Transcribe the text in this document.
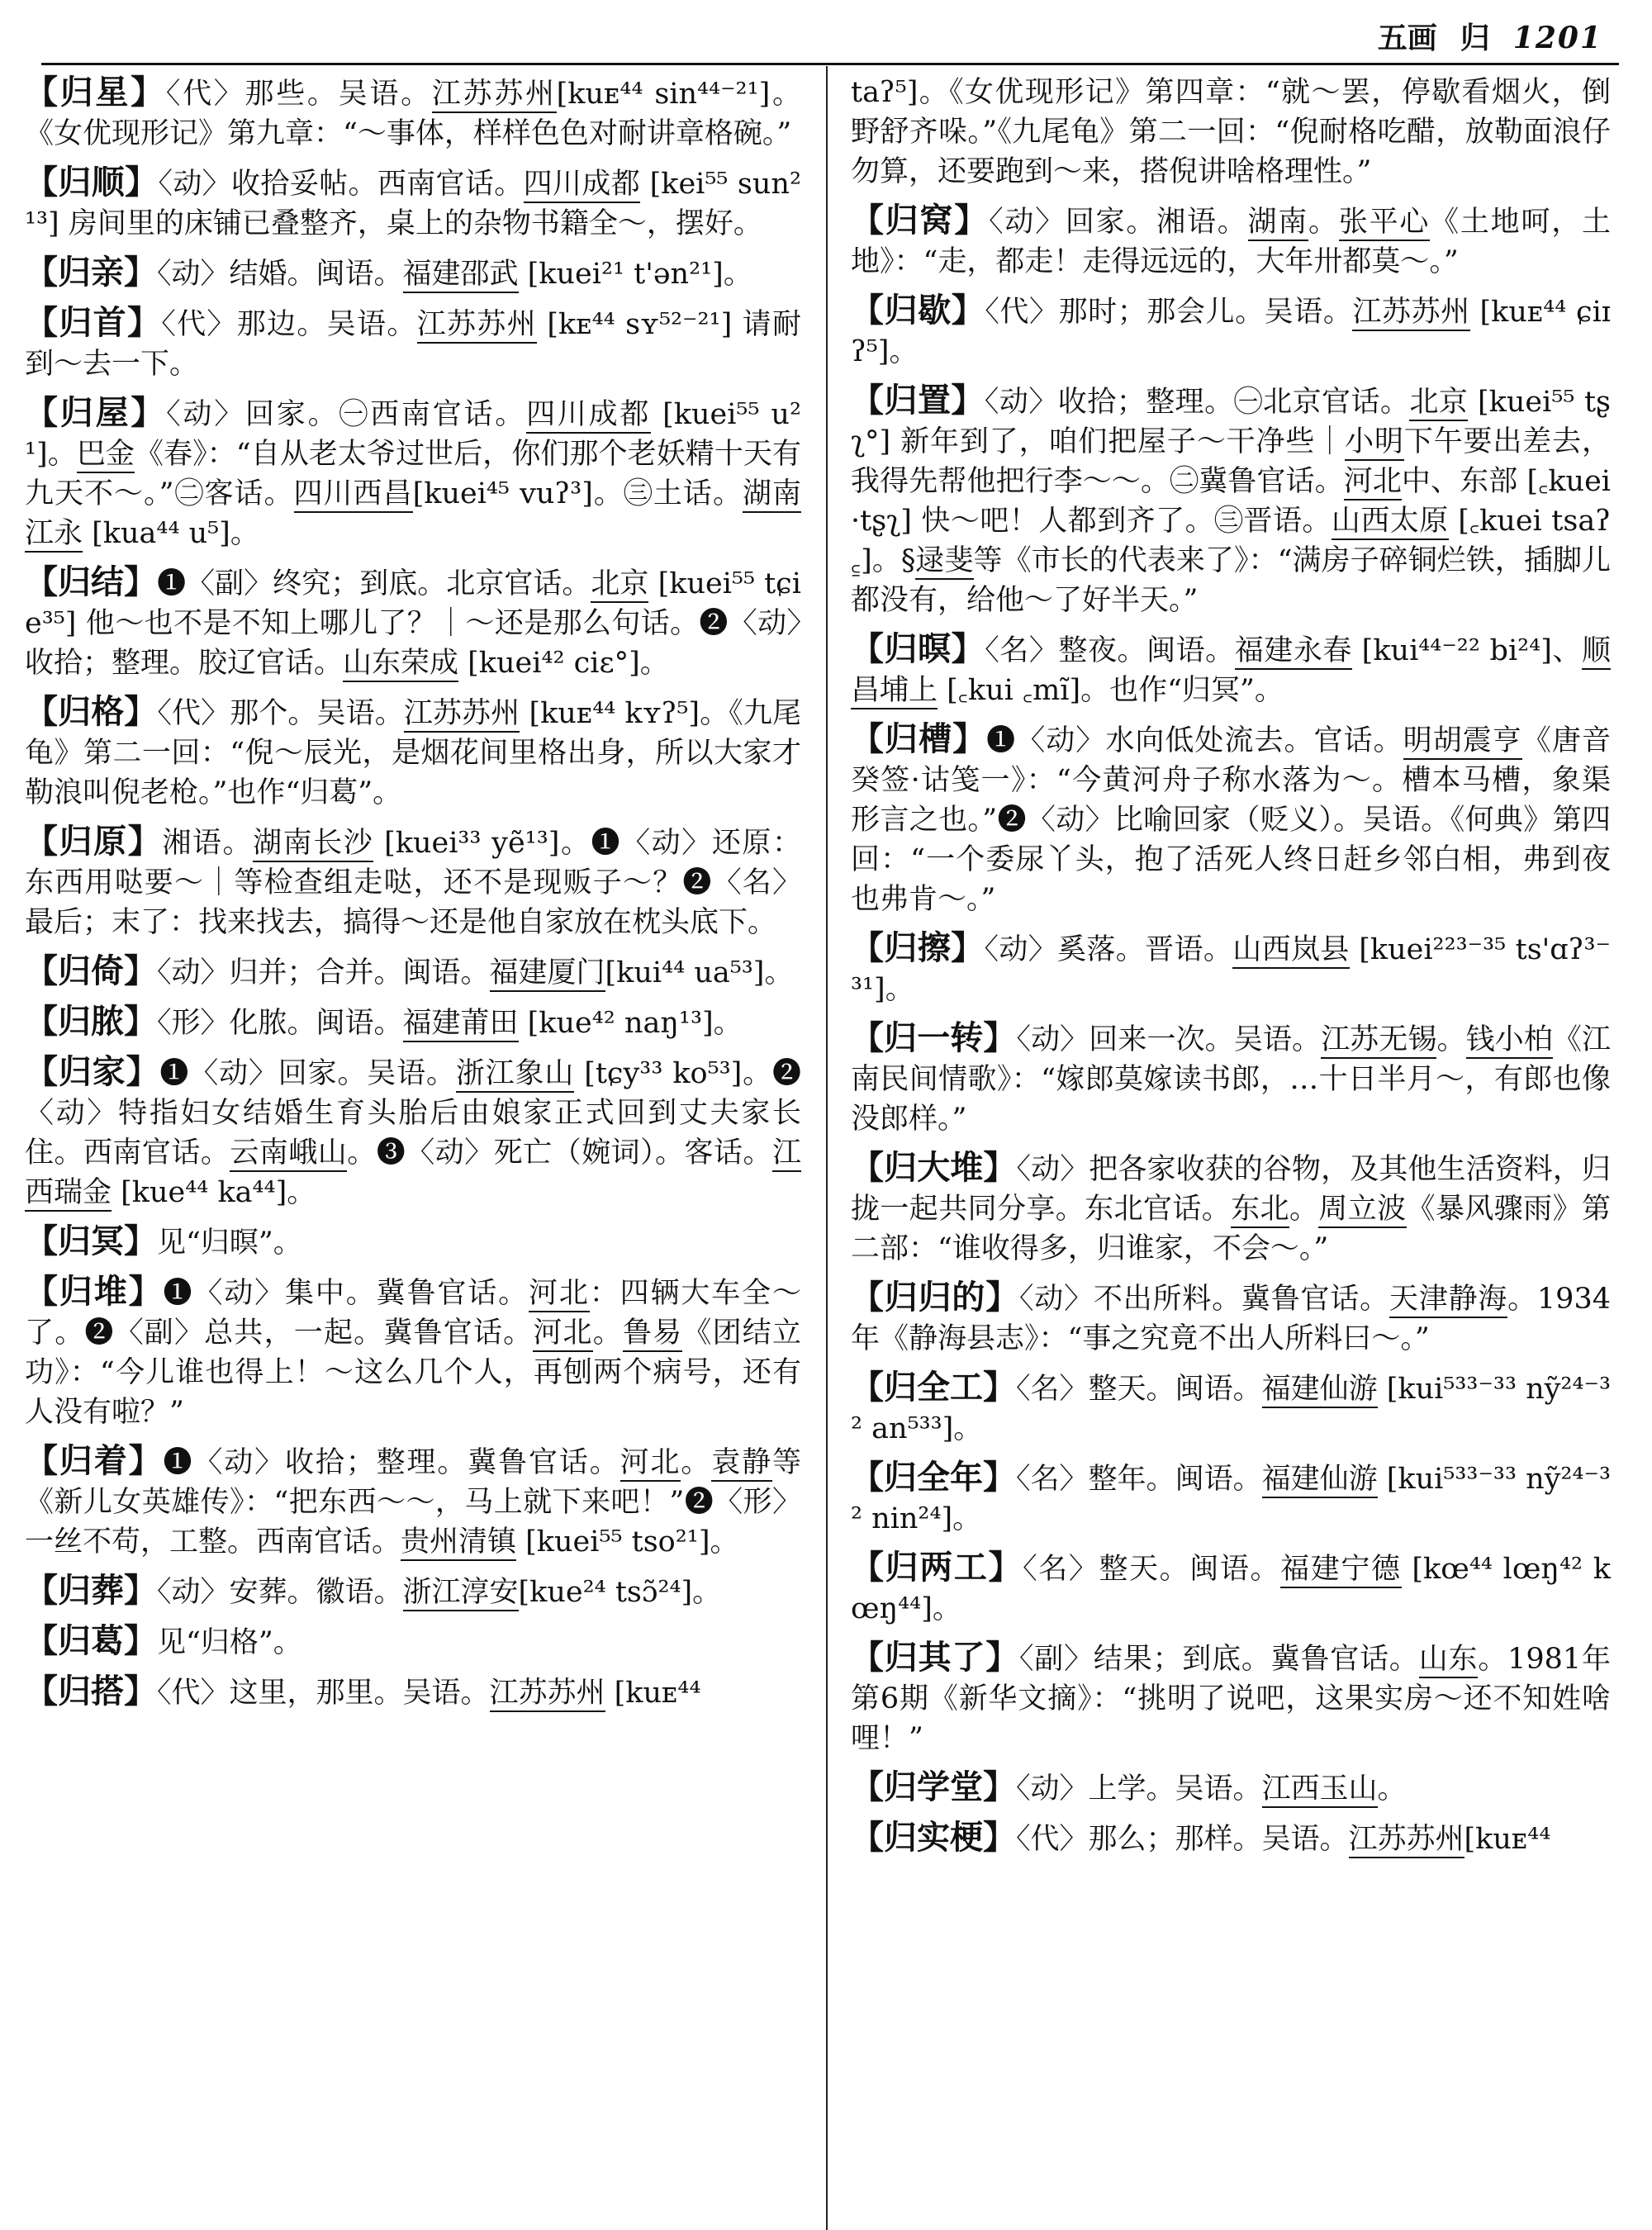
五画 归 1201
【归星】〈代〉那些。吴语。江苏苏州[kuᴇ⁴⁴ sin⁴⁴⁻²¹]。《女优现形记》第九章：“～事体，样样色色对耐讲章格碗。”
【归顺】〈动〉收拾妥帖。西南官话。四川成都 [kei⁵⁵ sun²¹³] 房间里的床铺已叠整齐，桌上的杂物书籍全～，摆好。
【归亲】〈动〉结婚。闽语。福建邵武 [kuei²¹ t'ən²¹]。
【归首】〈代〉那边。吴语。江苏苏州 [kᴇ⁴⁴ sʏ⁵²⁻²¹] 请耐到～去一下。
【归屋】〈动〉回家。㊀西南官话。四川成都 [kuei⁵⁵ u²¹]。巴金《春》：“自从老太爷过世后，你们那个老妖精十天有九天不～。”㊁客话。四川西昌[kuei⁴⁵ vuʔ³]。㊂土话。湖南江永 [kua⁴⁴ u⁵]。
【归结】❶〈副〉终究；到底。北京官话。北京 [kuei⁵⁵ tɕie³⁵] 他～也不是不知上哪儿了？｜～还是那么句话。❷〈动〉收拾；整理。胶辽官话。山东荣成 [kuei⁴² ciɛ°]。
【归格】〈代〉那个。吴语。江苏苏州 [kuᴇ⁴⁴ kʏʔ⁵]。《九尾龟》第二一回：“倪～辰光，是烟花间里格出身，所以大家才勒浪叫倪老枪。”也作“归葛”。
【归原】湘语。湖南长沙 [kuei³³ yẽ¹³]。❶〈动〉还原：东西用哒要～｜等检查组走哒，还不是现贩子～？❷〈名〉最后；末了：找来找去，搞得～还是他自家放在枕头底下。
【归倚】〈动〉归并；合并。闽语。福建厦门[kui⁴⁴ ua⁵³]。
【归脓】〈形〉化脓。闽语。福建莆田 [kue⁴² naŋ¹³]。
【归家】❶〈动〉回家。吴语。浙江象山 [tɕy³³ ko⁵³]。❷〈动〉特指妇女结婚生育头胎后由娘家正式回到丈夫家长住。西南官话。云南峨山。❸〈动〉死亡（婉词）。客话。江西瑞金 [kue⁴⁴ ka⁴⁴]。
【归冥】见“归暝”。
【归堆】❶〈动〉集中。冀鲁官话。河北：四辆大车全～了。❷〈副〉总共，一起。冀鲁官话。河北。鲁易《团结立功》：“今儿谁也得上！～这么几个人，再刨两个病号，还有人没有啦？”
【归着】❶〈动〉收拾；整理。冀鲁官话。河北。袁静等《新儿女英雄传》：“把东西～～，马上就下来吧！”❷〈形〉一丝不苟，工整。西南官话。贵州清镇 [kuei⁵⁵ tso²¹]。
【归葬】〈动〉安葬。徽语。浙江淳安[kue²⁴ tsɔ̃²⁴]。
【归葛】见“归格”。
【归搭】〈代〉这里，那里。吴语。江苏苏州 [kuᴇ⁴⁴
taʔ⁵]。《女优现形记》第四章：“就～罢，停歇看烟火，倒野舒齐哚。”《九尾龟》第二一回：“倪耐格吃醋，放勒面浪仔勿算，还要跑到～来，搭倪讲啥格理性。”
【归窝】〈动〉回家。湘语。湖南。张平心《土地呵，土地》：“走，都走！走得远远的，大年卅都莫～。”
【归歇】〈代〉那时；那会儿。吴语。江苏苏州 [kuᴇ⁴⁴ ɕiɪʔ⁵]。
【归置】〈动〉收拾；整理。㊀北京官话。北京 [kuei⁵⁵ tʂʅ°] 新年到了，咱们把屋子～干净些｜小明下午要出差去，我得先帮他把行李～～。㊁冀鲁官话。河北中、东部 [꜀kuei ·tʂʅ] 快～吧！人都到齐了。㊂晋语。山西太原 [꜀kuei tsaʔ꜁]。§逯斐等《市长的代表来了》：“满房子碎铜烂铁，插脚儿都没有，给他～了好半天。”
【归暝】〈名〉整夜。闽语。福建永春 [kui⁴⁴⁻²² bi²⁴]、顺昌埔上 [꜀kui ꜀mĩ]。也作“归冥”。
【归槽】❶〈动〉水向低处流去。官话。明胡震亨《唐音癸签·诂笺一》：“今黄河舟子称水落为～。槽本马槽，象渠形言之也。”❷〈动〉比喻回家（贬义）。吴语。《何典》第四回：“一个委尿丫头，抱了活死人终日赶乡邻白相，弗到夜也弗肯～。”
【归擦】〈动〉奚落。晋语。山西岚县 [kuei²²³⁻³⁵ ts'ɑʔ³⁻³¹]。
【归一转】〈动〉回来一次。吴语。江苏无锡。钱小柏《江南民间情歌》：“嫁郎莫嫁读书郎，…十日半月～，有郎也像没郎样。”
【归大堆】〈动〉把各家收获的谷物，及其他生活资料，归拢一起共同分享。东北官话。东北。周立波《暴风骤雨》第二部：“谁收得多，归谁家，不会～。”
【归归的】〈动〉不出所料。冀鲁官话。天津静海。1934年《静海县志》：“事之究竟不出人所料曰～。”
【归全工】〈名〉整天。闽语。福建仙游 [kui⁵³³⁻³³ nỹ²⁴⁻³² an⁵³³]。
【归全年】〈名〉整年。闽语。福建仙游 [kui⁵³³⁻³³ nỹ²⁴⁻³² nin²⁴]。
【归两工】〈名〉整天。闽语。福建宁德 [kœ⁴⁴ lœŋ⁴² kœŋ⁴⁴]。
【归其了】〈副〉结果；到底。冀鲁官话。山东。1981年第6期《新华文摘》：“挑明了说吧，这果实房～还不知姓啥哩！”
【归学堂】〈动〉上学。吴语。江西玉山。
【归实梗】〈代〉那么；那样。吴语。江苏苏州[kuᴇ⁴⁴
